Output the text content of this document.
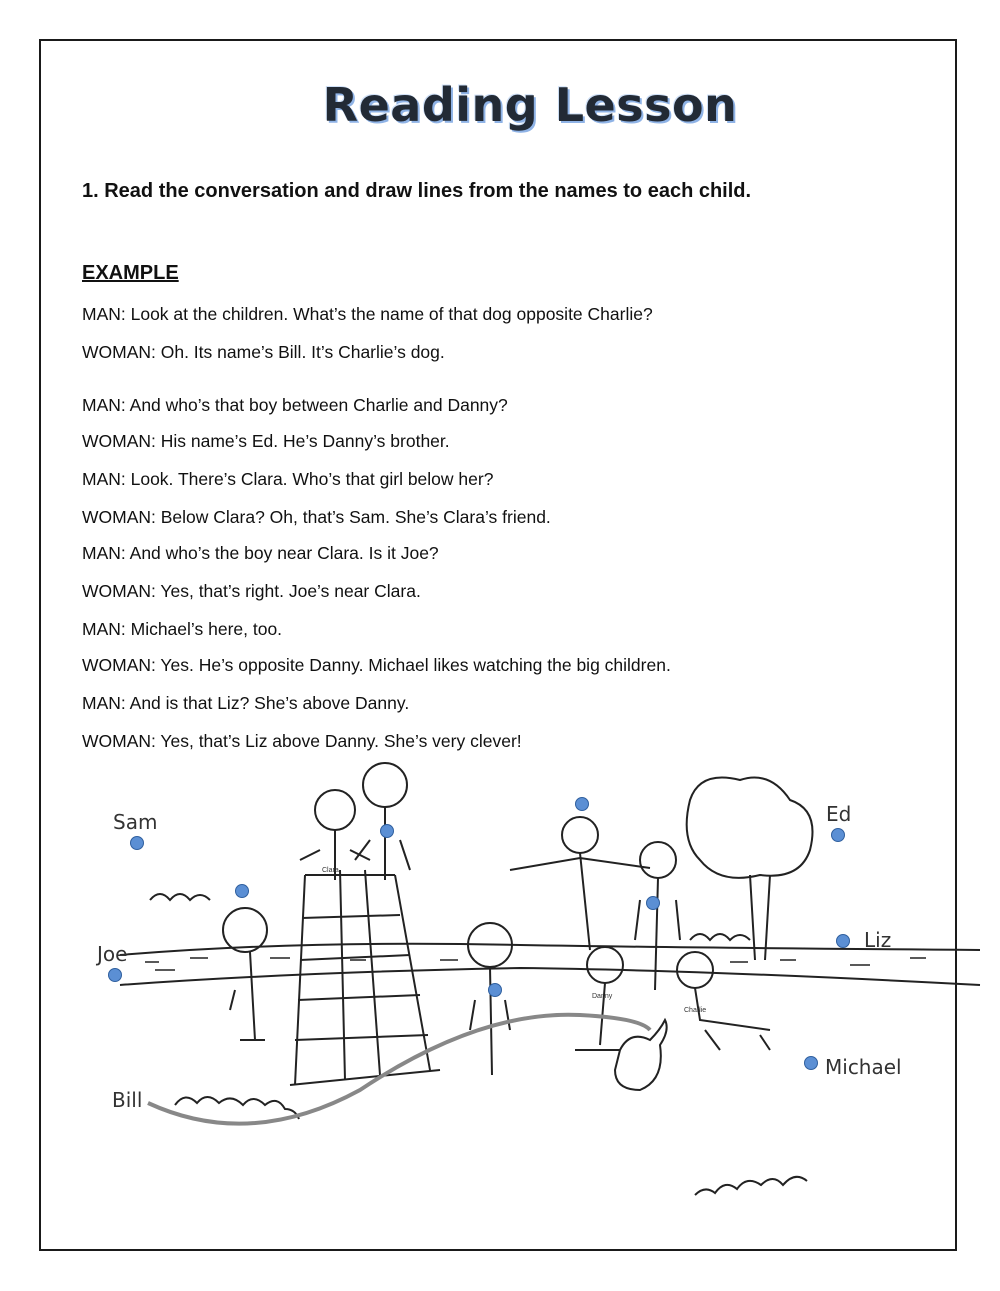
Reading Lesson
1. Read the conversation and draw lines from the names to each child.
EXAMPLE
MAN: Look at the children. What’s the name of that dog opposite Charlie?
WOMAN: Oh. Its name’s Bill. It’s Charlie’s dog.
MAN: And who’s that boy between Charlie and Danny?
WOMAN: His name’s Ed. He’s Danny’s brother.
MAN: Look. There’s Clara. Who’s that girl below her?
WOMAN: Below Clara? Oh, that’s Sam. She’s Clara’s friend.
MAN: And who’s the boy near Clara. Is it Joe?
WOMAN: Yes, that’s right. Joe’s near Clara.
MAN: Michael’s here, too.
WOMAN: Yes. He’s opposite Danny. Michael likes watching the big children.
MAN: And is that Liz? She’s above Danny.
WOMAN: Yes, that’s Liz above Danny. She’s very clever!
Clara
Danny
Charlie
Sam
Joe
Bill
Ed
Liz
Michael
